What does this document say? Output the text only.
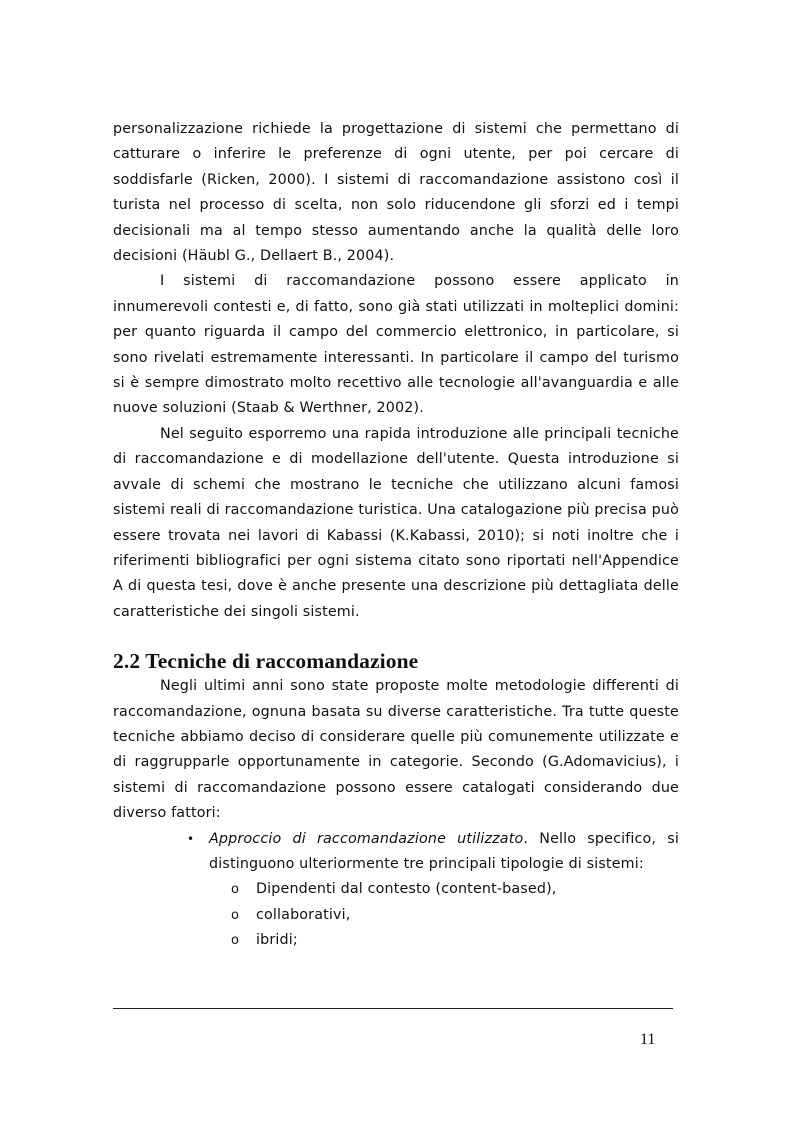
personalizzazione richiede la progettazione di sistemi che permettano di catturare o inferire le preferenze di ogni utente, per poi cercare di soddisfarle (Ricken, 2000). I sistemi di raccomandazione assistono così il turista nel processo di scelta, non solo riducendone gli sforzi ed i tempi decisionali ma al tempo stesso aumentando anche la qualità delle loro decisioni (Häubl G., Dellaert B., 2004).

I sistemi di raccomandazione possono essere applicato in innumerevoli contesti e, di fatto, sono già stati utilizzati in molteplici domini: per quanto riguarda il campo del commercio elettronico, in particolare, si sono rivelati estremamente interessanti. In particolare il campo del turismo si è sempre dimostrato molto recettivo alle tecnologie all'avanguardia e alle nuove soluzioni (Staab & Werthner, 2002).

Nel seguito esporremo una rapida introduzione alle principali tecniche di raccomandazione e di modellazione dell'utente. Questa introduzione si avvale di schemi che mostrano le tecniche che utilizzano alcuni famosi sistemi reali di raccomandazione turistica. Una catalogazione più precisa può essere trovata nei lavori di Kabassi (K.Kabassi, 2010); si noti inoltre che i riferimenti bibliografici per ogni sistema citato sono riportati nell'Appendice A di questa tesi, dove è anche presente una descrizione più dettagliata delle caratteristiche dei singoli sistemi.

2.2 Tecniche di raccomandazione

Negli ultimi anni sono state proposte molte metodologie differenti di raccomandazione, ognuna basata su diverse caratteristiche. Tra tutte queste tecniche abbiamo deciso di considerare quelle più comunemente utilizzate e di raggrupparle opportunamente in categorie. Secondo (G.Adomavicius), i sistemi di raccomandazione possono essere catalogati considerando due diverso fattori:

• Approccio di raccomandazione utilizzato. Nello specifico, si distinguono ulteriormente tre principali tipologie di sistemi:
o Dipendenti dal contesto (content-based),
o collaborativi,
o ibridi;
11
